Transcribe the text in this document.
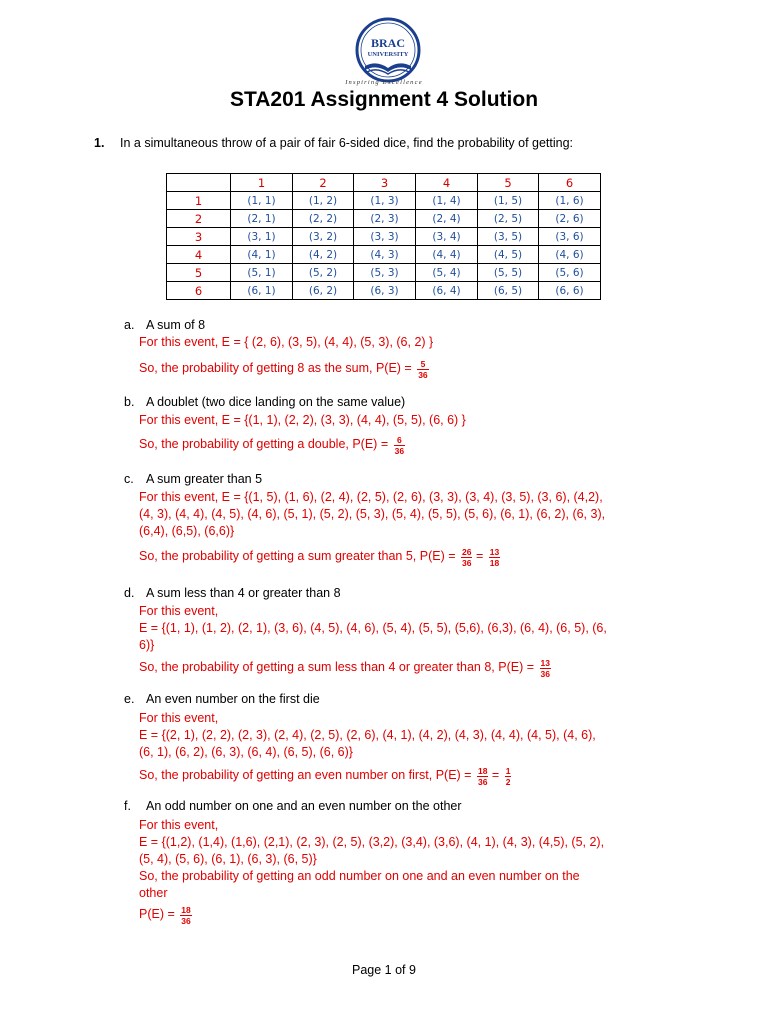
BRAC
UNIVERSITY
Inspiring Excellence
STA201 Assignment 4 Solution
1. In a simultaneous throw of a pair of fair 6-sided dice, find the probability of getting:
	1	2	3	4	5	6
1	(1, 1)	(1, 2)	(1, 3)	(1, 4)	(1, 5)	(1, 6)
2	(2, 1)	(2, 2)	(2, 3)	(2, 4)	(2, 5)	(2, 6)
3	(3, 1)	(3, 2)	(3, 3)	(3, 4)	(3, 5)	(3, 6)
4	(4, 1)	(4, 2)	(4, 3)	(4, 4)	(4, 5)	(4, 6)
5	(5, 1)	(5, 2)	(5, 3)	(5, 4)	(5, 5)	(5, 6)
6	(6, 1)	(6, 2)	(6, 3)	(6, 4)	(6, 5)	(6, 6)
a. A sum of 8
For this event, E = { (2, 6), (3, 5), (4, 4), (5, 3), (6, 2) }
So, the probability of getting 8 as the sum, $P(E) = \frac{5}{36}$
b. A doublet (two dice landing on the same value)
For this event, E = {(1, 1), (2, 2), (3, 3), (4, 4), (5, 5), (6, 6) }
So, the probability of getting a double, $P(E) = \frac{6}{36}$
c. A sum greater than 5
For this event, E = {(1, 5), (1, 6), (2, 4), (2, 5), (2, 6), (3, 3), (3, 4), (3, 5), (3, 6), (4,2),
(4, 3), (4, 4), (4, 5), (4, 6), (5, 1), (5, 2), (5, 3), (5, 4), (5, 5), (5, 6), (6, 1), (6, 2), (6, 3),
(6,4), (6,5), (6,6)}
So, the probability of getting a sum greater than 5, $P(E) = \frac{26}{36} = \frac{13}{18}$
d. A sum less than 4 or greater than 8
For this event,
E = {(1, 1), (1, 2), (2, 1), (3, 6), (4, 5), (4, 6), (5, 4), (5, 5), (5,6), (6,3), (6, 4), (6, 5), (6,
6)}
So, the probability of getting a sum less than 4 or greater than 8, $P(E) = \frac{13}{36}$
e. An even number on the first die
For this event,
E = {(2, 1), (2, 2), (2, 3), (2, 4), (2, 5), (2, 6), (4, 1), (4, 2), (4, 3), (4, 4), (4, 5), (4, 6),
(6, 1), (6, 2), (6, 3), (6, 4), (6, 5), (6, 6)}
So, the probability of getting an even number on first, $P(E) = \frac{18}{36} = \frac{1}{2}$
f. An odd number on one and an even number on the other
For this event,
E = {(1,2), (1,4), (1,6), (2,1), (2, 3), (2, 5), (3,2), (3,4), (3,6), (4, 1), (4, 3), (4,5), (5, 2),
(5, 4), (5, 6), (6, 1), (6, 3), (6, 5)}
So, the probability of getting an odd number on one and an even number on the
other
$P(E) = \frac{18}{36}$
Page 1 of 9
